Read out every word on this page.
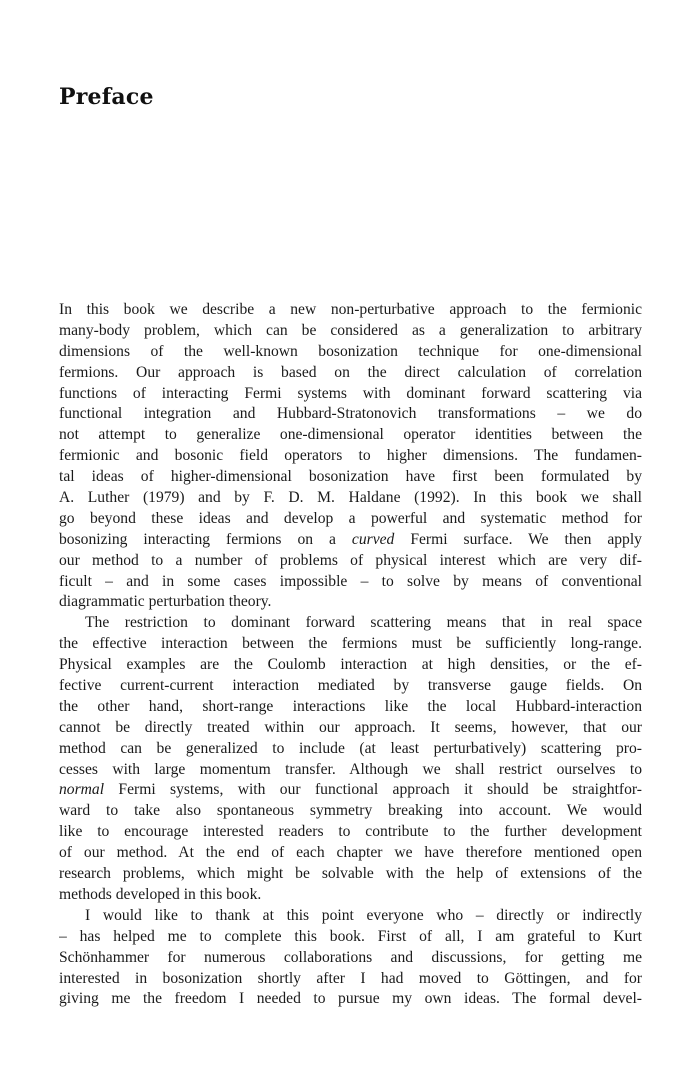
Preface
In this book we describe a new non-perturbative approach to the fermionic
many-body problem, which can be considered as a generalization to arbitrary
dimensions of the well-known bosonization technique for one-dimensional
fermions. Our approach is based on the direct calculation of correlation
functions of interacting Fermi systems with dominant forward scattering via
functional integration and Hubbard-Stratonovich transformations – we do
not attempt to generalize one-dimensional operator identities between the
fermionic and bosonic field operators to higher dimensions. The fundamen-
tal ideas of higher-dimensional bosonization have first been formulated by
A. Luther (1979) and by F. D. M. Haldane (1992). In this book we shall
go beyond these ideas and develop a powerful and systematic method for
bosonizing interacting fermions on a curved Fermi surface. We then apply
our method to a number of problems of physical interest which are very dif-
ficult – and in some cases impossible – to solve by means of conventional
diagrammatic perturbation theory.
The restriction to dominant forward scattering means that in real space
the effective interaction between the fermions must be sufficiently long-range.
Physical examples are the Coulomb interaction at high densities, or the ef-
fective current-current interaction mediated by transverse gauge fields. On
the other hand, short-range interactions like the local Hubbard-interaction
cannot be directly treated within our approach. It seems, however, that our
method can be generalized to include (at least perturbatively) scattering pro-
cesses with large momentum transfer. Although we shall restrict ourselves to
normal Fermi systems, with our functional approach it should be straightfor-
ward to take also spontaneous symmetry breaking into account. We would
like to encourage interested readers to contribute to the further development
of our method. At the end of each chapter we have therefore mentioned open
research problems, which might be solvable with the help of extensions of the
methods developed in this book.
I would like to thank at this point everyone who – directly or indirectly
– has helped me to complete this book. First of all, I am grateful to Kurt
Schönhammer for numerous collaborations and discussions, for getting me
interested in bosonization shortly after I had moved to Göttingen, and for
giving me the freedom I needed to pursue my own ideas. The formal devel-
